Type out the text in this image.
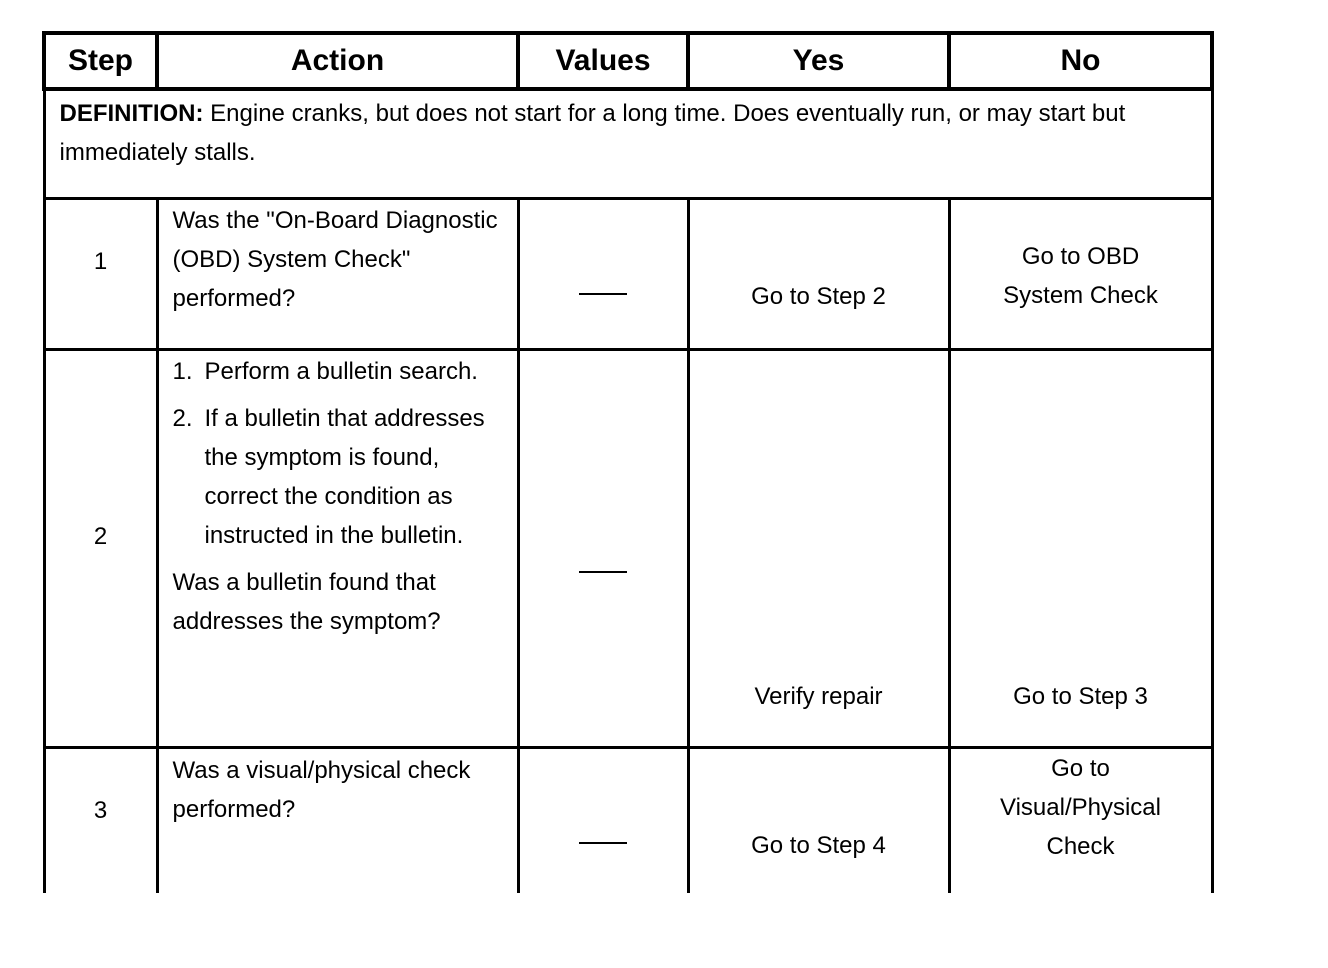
Step	Action	Values	Yes	No

DEFINITION: Engine cranks, but does not start for a long time. Does eventually run, or may start but immediately stalls.				

1	Was the "On-Board Diagnostic (OBD) System Check" performed?		Go to Step 2	Go to OBD System Check

2	1. Perform a bulletin search.
2. If a bulletin that addresses the symptom is found, correct the condition as instructed in the bulletin.
Was a bulletin found that addresses the symptom?		Verify repair	Go to Step 3

3	Was a visual/physical check performed?		Go to Step 4	Go to Visual/Physical Check
